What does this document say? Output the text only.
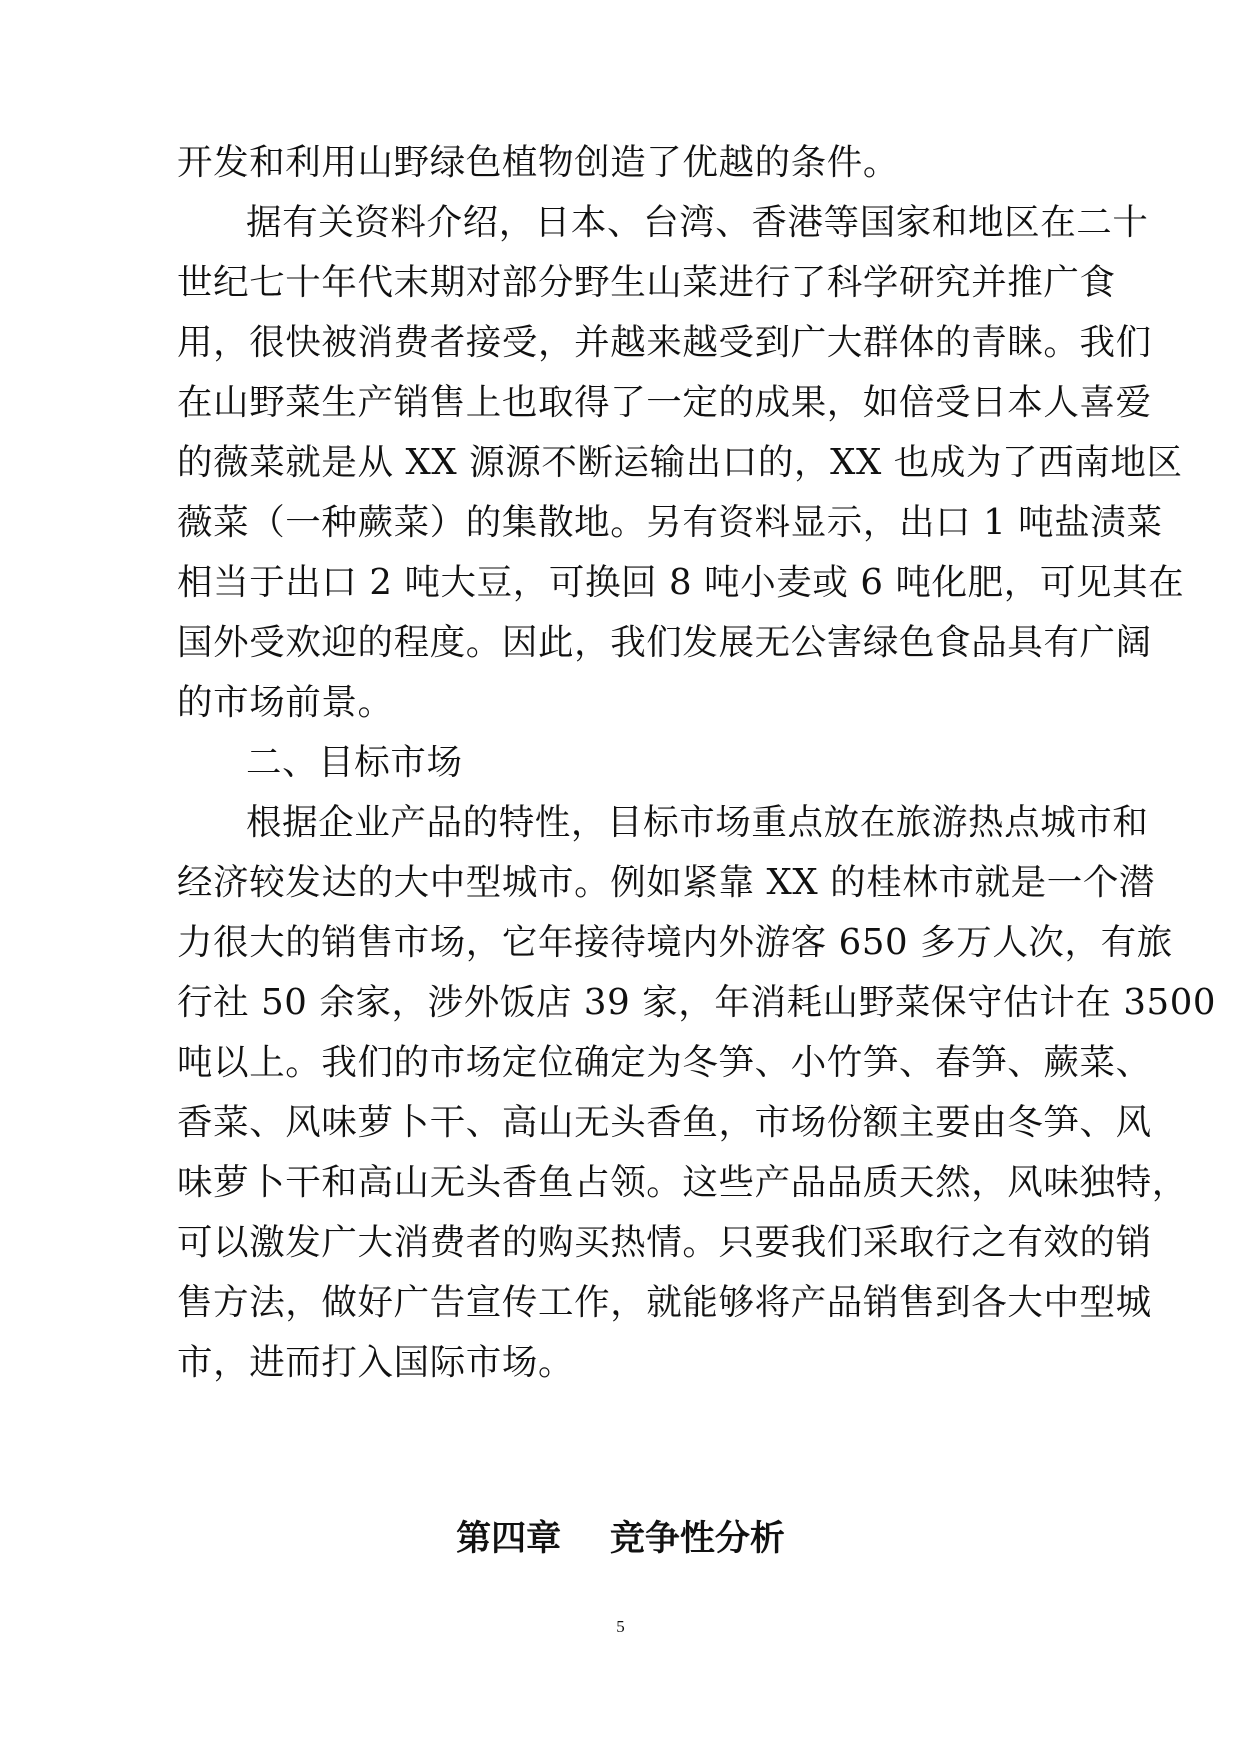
开发和利用山野绿色植物创造了优越的条件。
据有关资料介绍，日本、台湾、香港等国家和地区在二十
世纪七十年代末期对部分野生山菜进行了科学研究并推广食
用，很快被消费者接受，并越来越受到广大群体的青睐。我们
在山野菜生产销售上也取得了一定的成果，如倍受日本人喜爱
的薇菜就是从 XX 源源不断运输出口的，XX 也成为了西南地区
薇菜（一种蕨菜）的集散地。另有资料显示，出口 1 吨盐渍菜
相当于出口 2 吨大豆，可换回 8 吨小麦或 6 吨化肥，可见其在
国外受欢迎的程度。因此，我们发展无公害绿色食品具有广阔
的市场前景。
二、目标市场
根据企业产品的特性，目标市场重点放在旅游热点城市和
经济较发达的大中型城市。例如紧靠 XX 的桂林市就是一个潜
力很大的销售市场，它年接待境内外游客 650 多万人次，有旅
行社 50 余家，涉外饭店 39 家，年消耗山野菜保守估计在 3500
吨以上。我们的市场定位确定为冬笋、小竹笋、春笋、蕨菜、
香菜、风味萝卜干、高山无头香鱼，市场份额主要由冬笋、风
味萝卜干和高山无头香鱼占领。这些产品品质天然，风味独特，
可以激发广大消费者的购买热情。只要我们采取行之有效的销
售方法，做好广告宣传工作，就能够将产品销售到各大中型城
市，进而打入国际市场。
第四章    竞争性分析
5
